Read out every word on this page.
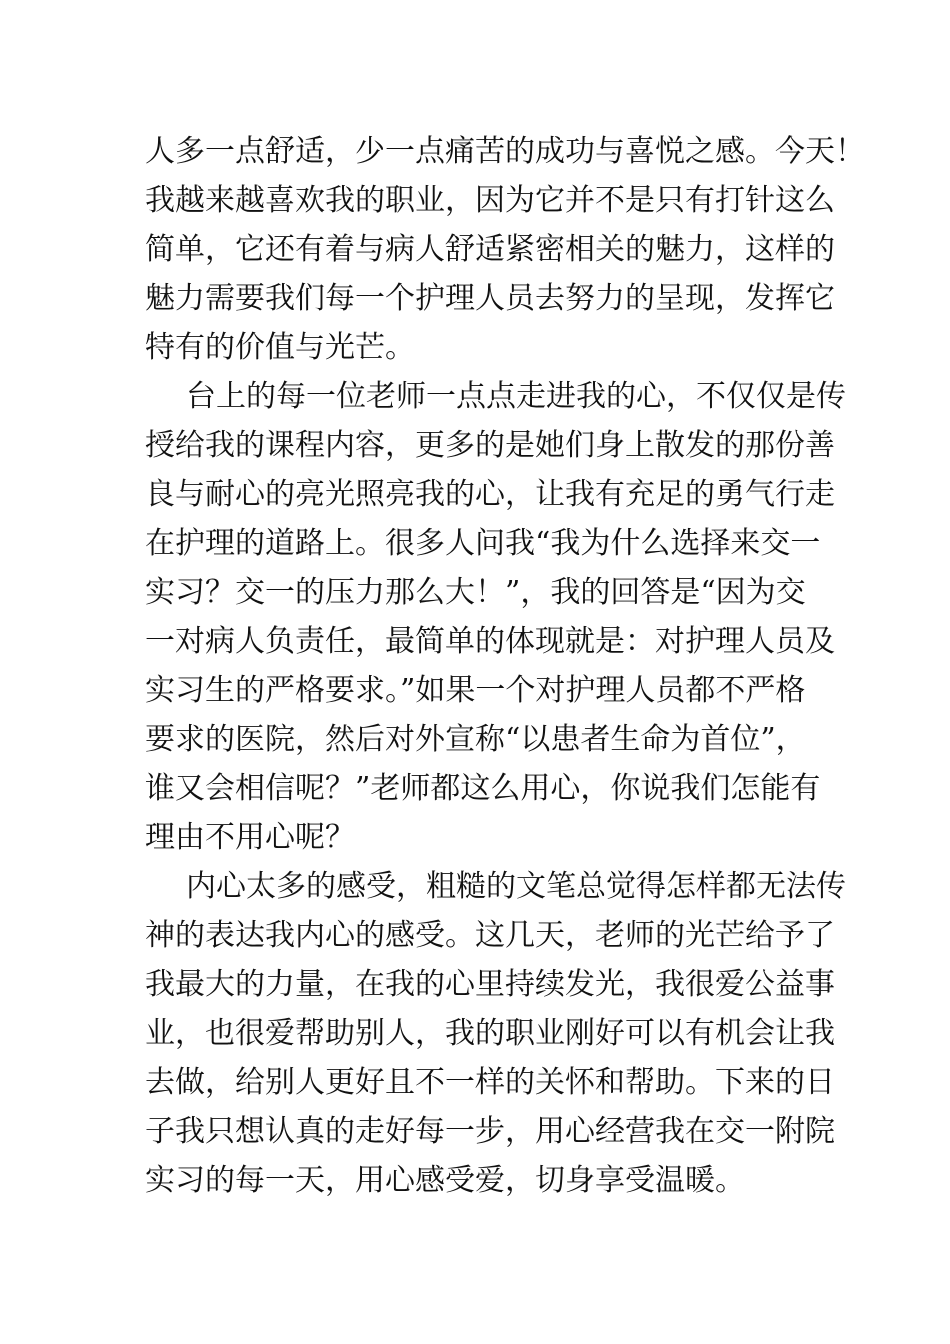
人多一点舒适，少一点痛苦的成功与喜悦之感。今天！
我越来越喜欢我的职业，因为它并不是只有打针这么
简单，它还有着与病人舒适紧密相关的魅力，这样的
魅力需要我们每一个护理人员去努力的呈现，发挥它
特有的价值与光芒。
台上的每一位老师一点点走进我的心，不仅仅是传
授给我的课程内容，更多的是她们身上散发的那份善
良与耐心的亮光照亮我的心，让我有充足的勇气行走
在护理的道路上。很多人问我“我为什么选择来交一
实习？交一的压力那么大！”，我的回答是“因为交
一对病人负责任，最简单的体现就是：对护理人员及
实习生的严格要求。”如果一个对护理人员都不严格
要求的医院，然后对外宣称“以患者生命为首位”，
谁又会相信呢？”老师都这么用心，你说我们怎能有
理由不用心呢？
内心太多的感受，粗糙的文笔总觉得怎样都无法传
神的表达我内心的感受。这几天，老师的光芒给予了
我最大的力量，在我的心里持续发光，我很爱公益事
业，也很爱帮助别人，我的职业刚好可以有机会让我
去做，给别人更好且不一样的关怀和帮助。下来的日
子我只想认真的走好每一步，用心经营我在交一附院
实习的每一天，用心感受爱，切身享受温暖。
